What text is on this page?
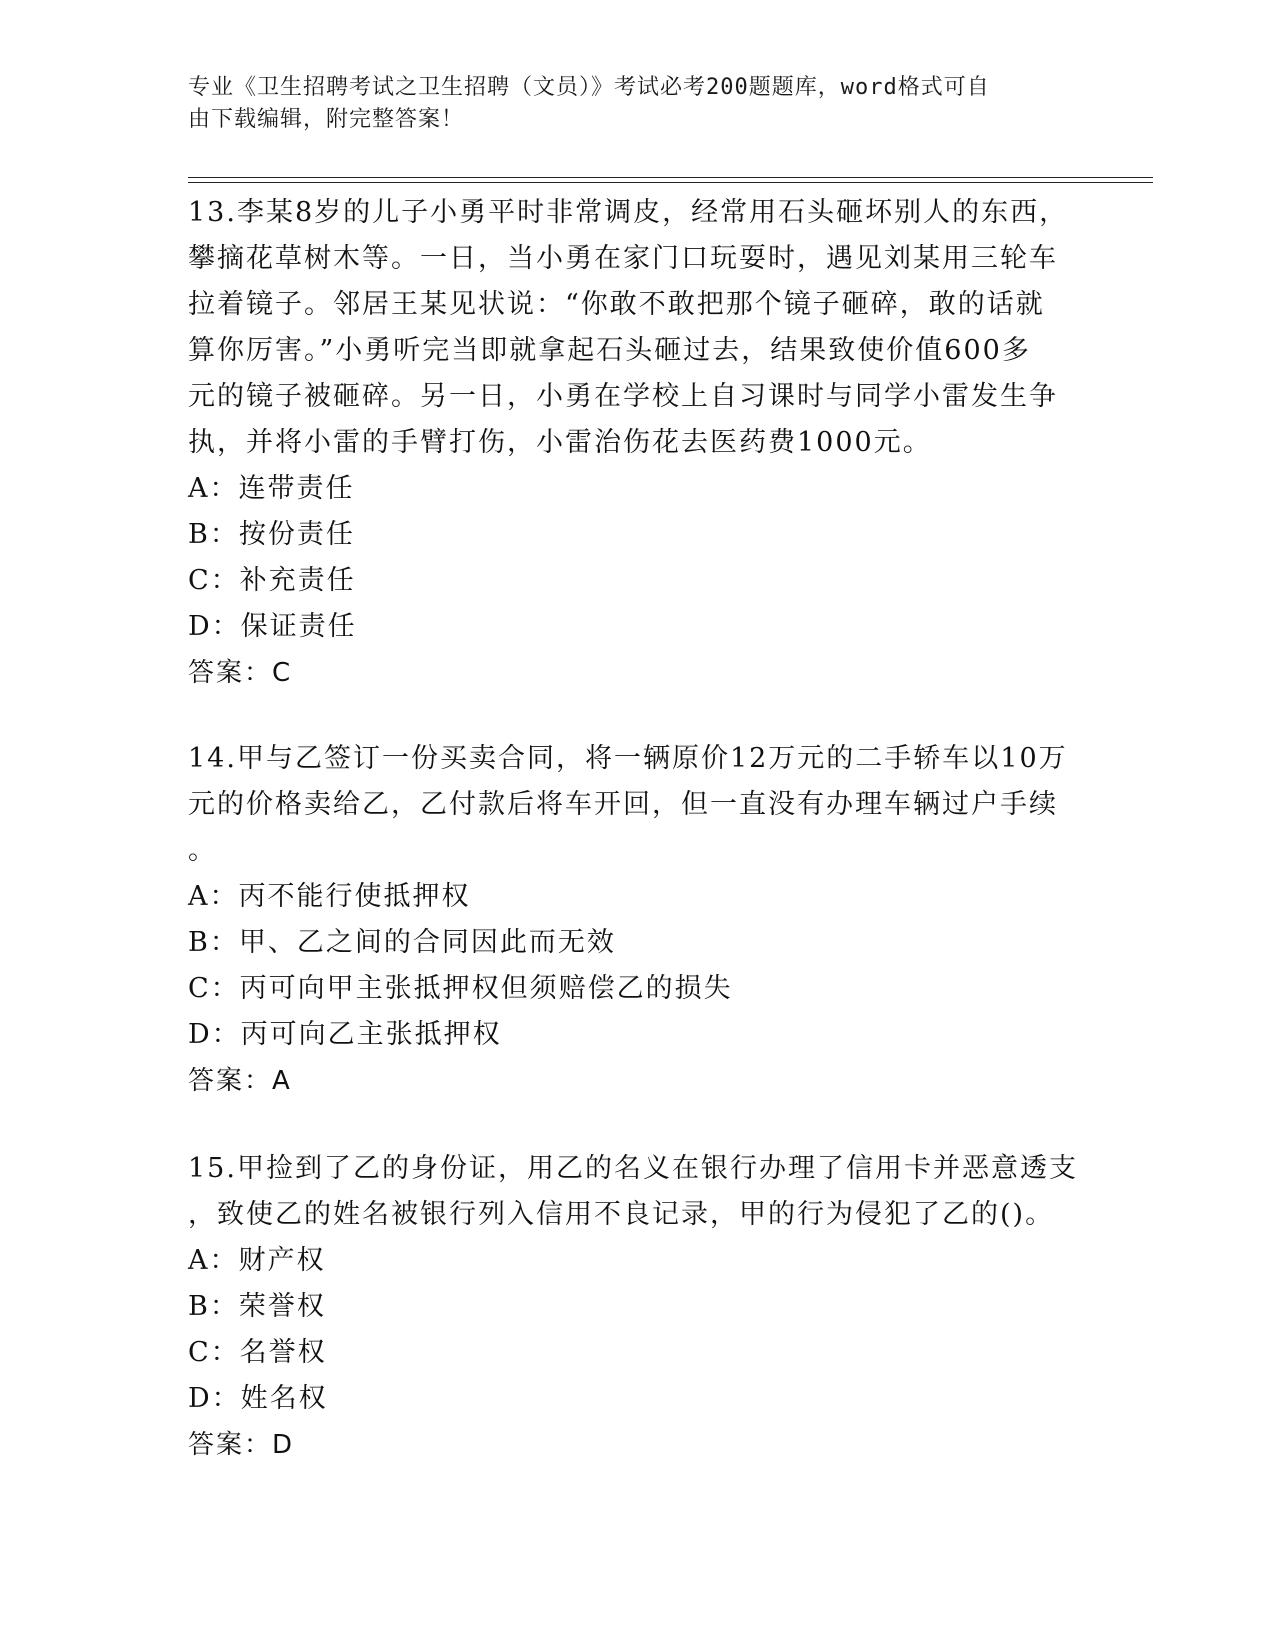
专业《卫生招聘考试之卫生招聘（文员）》考试必考200题题库，word格式可自
由下载编辑，附完整答案！
13.李某8岁的儿子小勇平时非常调皮，经常用石头砸坏别人的东西，
攀摘花草树木等。一日，当小勇在家门口玩耍时，遇见刘某用三轮车
拉着镜子。邻居王某见状说：“你敢不敢把那个镜子砸碎，敢的话就
算你厉害。”小勇听完当即就拿起石头砸过去，结果致使价值600多
元的镜子被砸碎。另一日，小勇在学校上自习课时与同学小雷发生争
执，并将小雷的手臂打伤，小雷治伤花去医药费1000元。
A：连带责任
B：按份责任
C：补充责任
D：保证责任
答案：C
14.甲与乙签订一份买卖合同，将一辆原价12万元的二手轿车以10万
元的价格卖给乙，乙付款后将车开回，但一直没有办理车辆过户手续
。
A：丙不能行使抵押权
B：甲、乙之间的合同因此而无效
C：丙可向甲主张抵押权但须赔偿乙的损失
D：丙可向乙主张抵押权
答案：A
15.甲捡到了乙的身份证，用乙的名义在银行办理了信用卡并恶意透支
，致使乙的姓名被银行列入信用不良记录，甲的行为侵犯了乙的()。
A：财产权
B：荣誉权
C：名誉权
D：姓名权
答案：D
